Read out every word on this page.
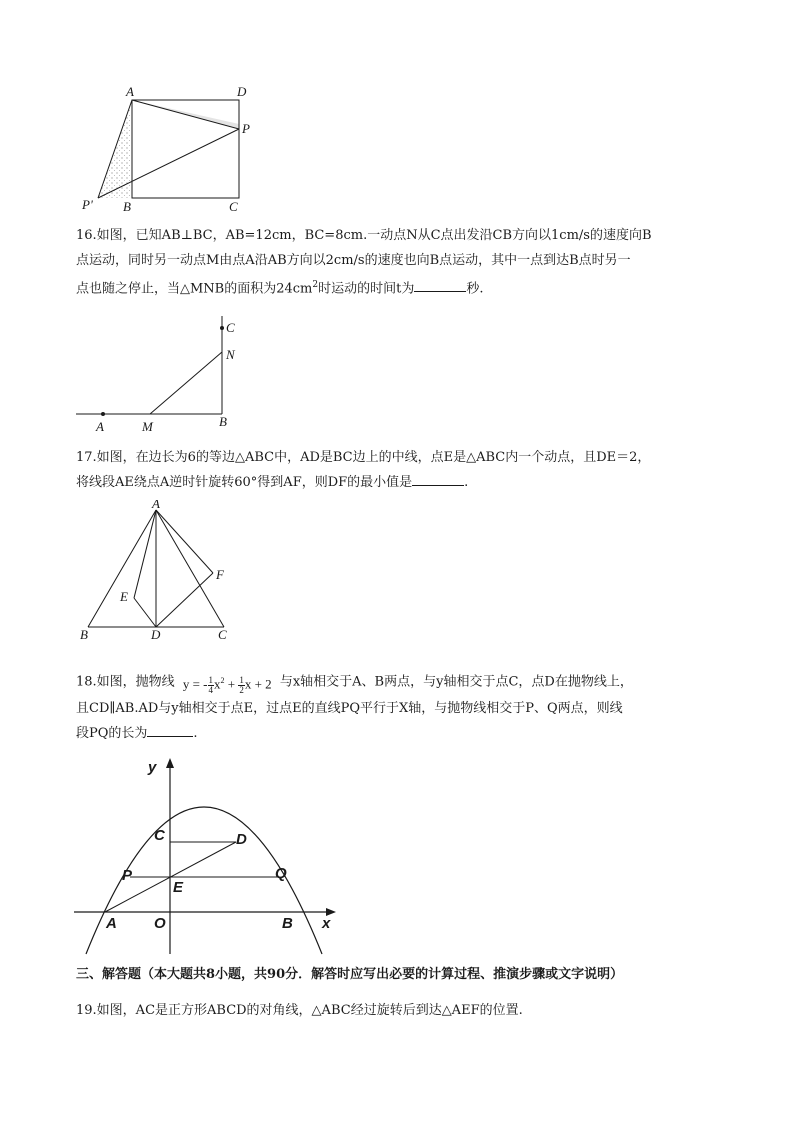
A	D
P
P' B	C

16.如图，已知AB⊥BC，AB=12cm，BC=8cm.一动点N从C点出发沿CB方向以1cm/s的速度向B
点运动，同时另一动点M由点A沿AB方向以2cm/s的速度也向B点运动，其中一点到达B点时另一
点也随之停止，当△MNB的面积为$24cm^2$时运动的时间t为	秒.

C
N
A	M	B

17.如图，在边长为6的等边△ABC中，AD是BC边上的中线，点E是△ABC内一个动点，且DE＝2，
将线段AE绕点A逆时针旋转60°得到AF，则DF的最小值是	.

A
E
F
B	D	C

18.如图，抛物线 y = - $\frac{1}{4} x^2 + \frac{1}{2}$ x + 2 与x轴相交于A、B两点，与y轴相交于点C，点D在抛物线上，
且CD∥AB.AD与y轴相交于点E，过点E的直线PQ平行于X轴，与抛物线相交于P、Q两点，则线
段PQ的长为	.

y
x
C	D
P	Q
E
A O	B

三、解答题（本大题共8小题，共90分．解答时应写出必要的计算过程、推演步骤或文字说明）

19.如图，AC是正方形ABCD的对角线，△ABC经过旋转后到达△AEF的位置.
